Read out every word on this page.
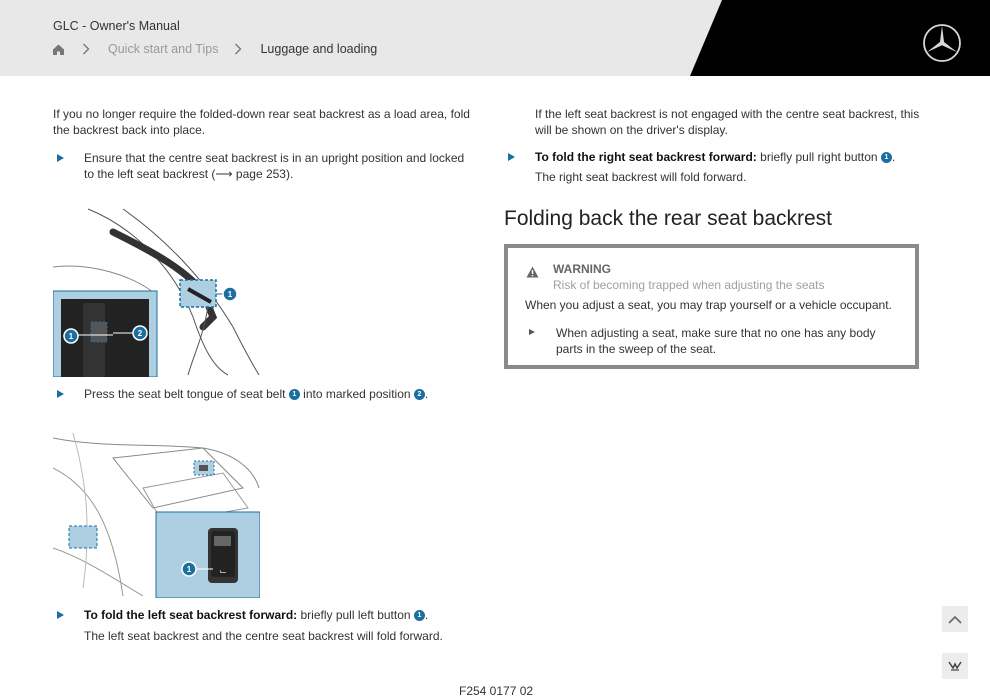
GLC - Owner's Manual
Quick start and Tips	Luggage and loading
If you no longer require the folded-down rear seat backrest as a load area, fold the backrest back into place.
Ensure that the centre seat backrest is in an upright position and locked to the left seat backrest (⟶ page 253).
1
1	2
Press the seat belt tongue of seat belt 1 into marked position 2 .
⌙
1
To fold the left seat backrest forward: briefly pull left button 1 .
The left seat backrest and the centre seat backrest will fold forward.
If the left seat backrest is not engaged with the centre seat backrest, this will be shown on the driver's display.
To fold the right seat backrest forward: briefly pull right button 1 .
The right seat backrest will fold forward.
Folding back the rear seat backrest
WARNING
Risk of becoming trapped when adjusting the seats
When you adjust a seat, you may trap yourself or a vehicle occupant.
When adjusting a seat, make sure that no one has any body parts in the sweep of the seat.
F254 0177 02
